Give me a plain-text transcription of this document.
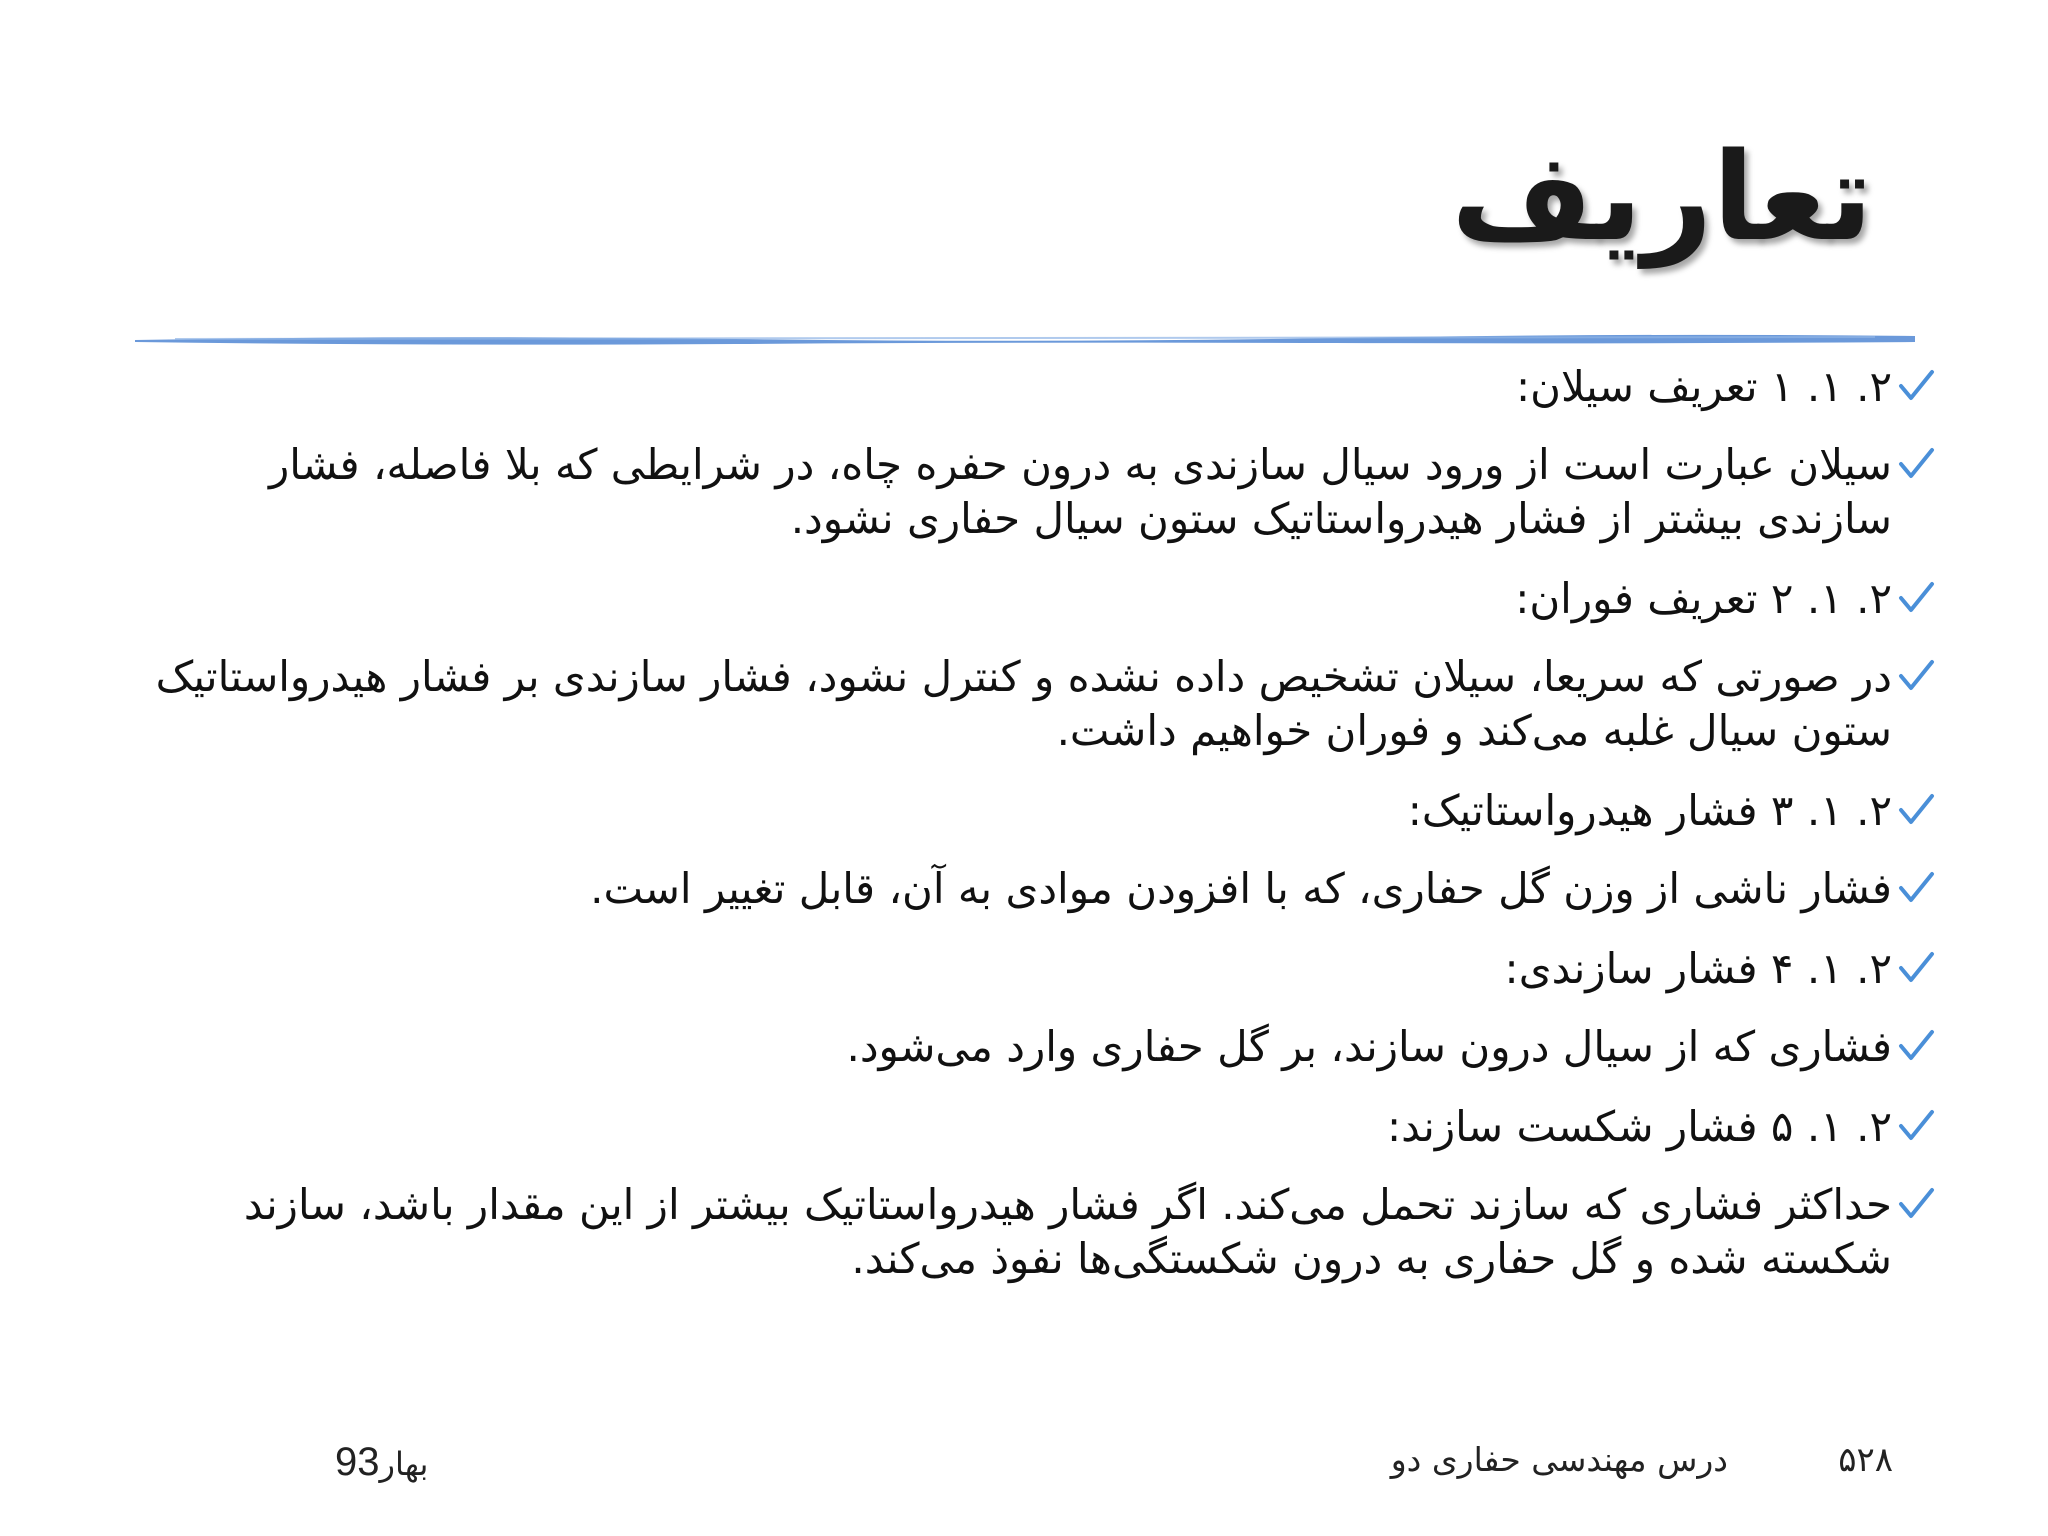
تعاریف
۲. ۱. ۱ تعریف سیلان:
سیلان عبارت است از ورود سیال سازندی به درون حفره چاه، در شرایطی که بلا فاصله، فشار سازندی بیشتر از فشار هیدرواستاتیک ستون سیال حفاری نشود.
۲. ۱. ۲ تعریف فوران:
در صورتی که سریعا، سیلان تشخیص داده نشده و کنترل نشود، فشار سازندی بر فشار هیدرواستاتیک ستون سیال غلبه می‌کند و فوران خواهیم داشت.
۲. ۱. ۳ فشار هیدرواستاتیک:
فشار ناشی از وزن گل حفاری، که با افزودن موادی به آن، قابل تغییر است.
۲. ۱. ۴ فشار سازندی:
فشاری که از سیال درون سازند، بر گل حفاری وارد می‌شود.
۲. ۱. ۵ فشار شکست سازند:
حداکثر فشاری که سازند تحمل می‌کند. اگر فشار هیدرواستاتیک بیشتر از این مقدار باشد، سازند شکسته شده و گل حفاری به درون شکستگی‌ها نفوذ می‌کند.
۵۲۸
درس مهندسی حفاری دو
بهار93
